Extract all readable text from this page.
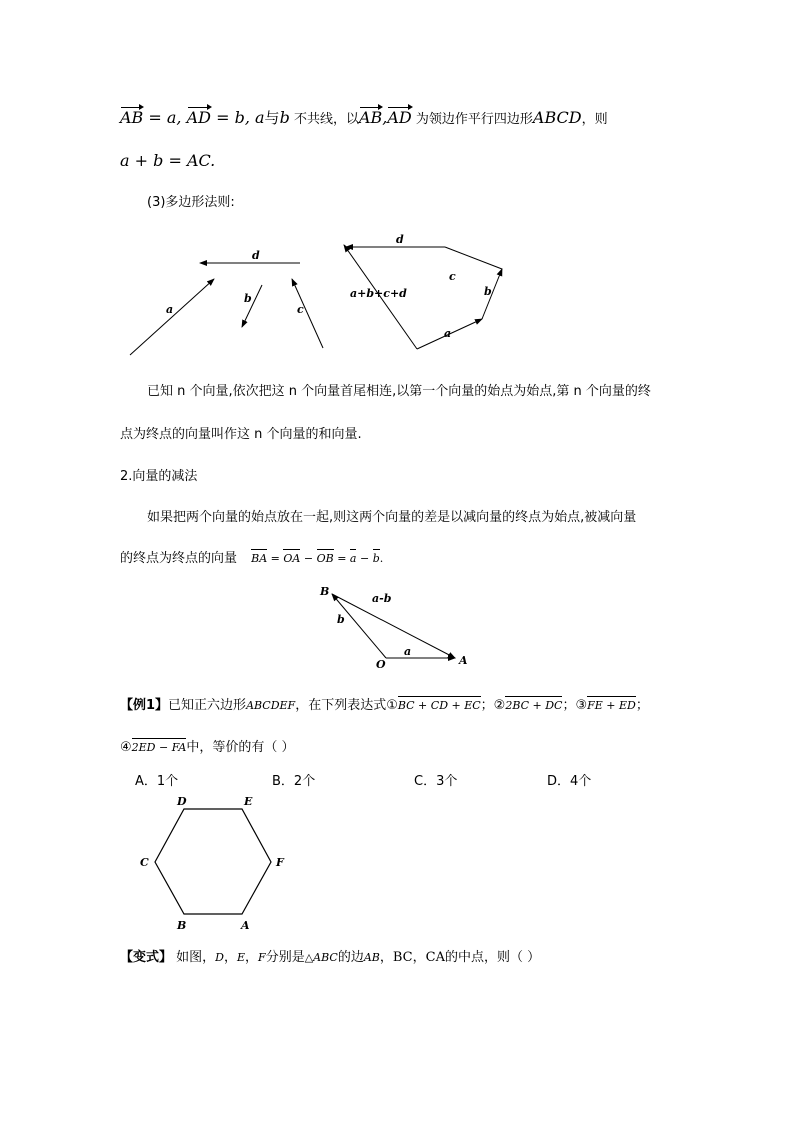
AB = a, AD = b, a与b 不共线，以AB,AD 为领边作平行四边形ABCD，则
a + b = AC.
(3)多边形法则:
d
a
b
c
d
c
b
a
a+b+c+d
已知 n 个向量,依次把这 n 个向量首尾相连,以第一个向量的始点为始点,第 n 个向量的终
点为终点的向量叫作这 n 个向量的和向量.
2.向量的减法
如果把两个向量的始点放在一起,则这两个向量的差是以减向量的终点为始点,被减向量
的终点为终点的向量 BA = OA − OB = a − b.
B
a-b
b
O
a
A
【例1】已知正六边形ABCDEF，在下列表达式①BC + CD + EC；②2BC + DC；③FE + ED；
④2ED − FA中，等价的有（ ）
A．1个	B．2个	C．3个	D．4个
D	E
C	F
B	A
【变式】 如图，D，E，F分别是△ABC的边AB，BC，CA的中点，则（ ）
